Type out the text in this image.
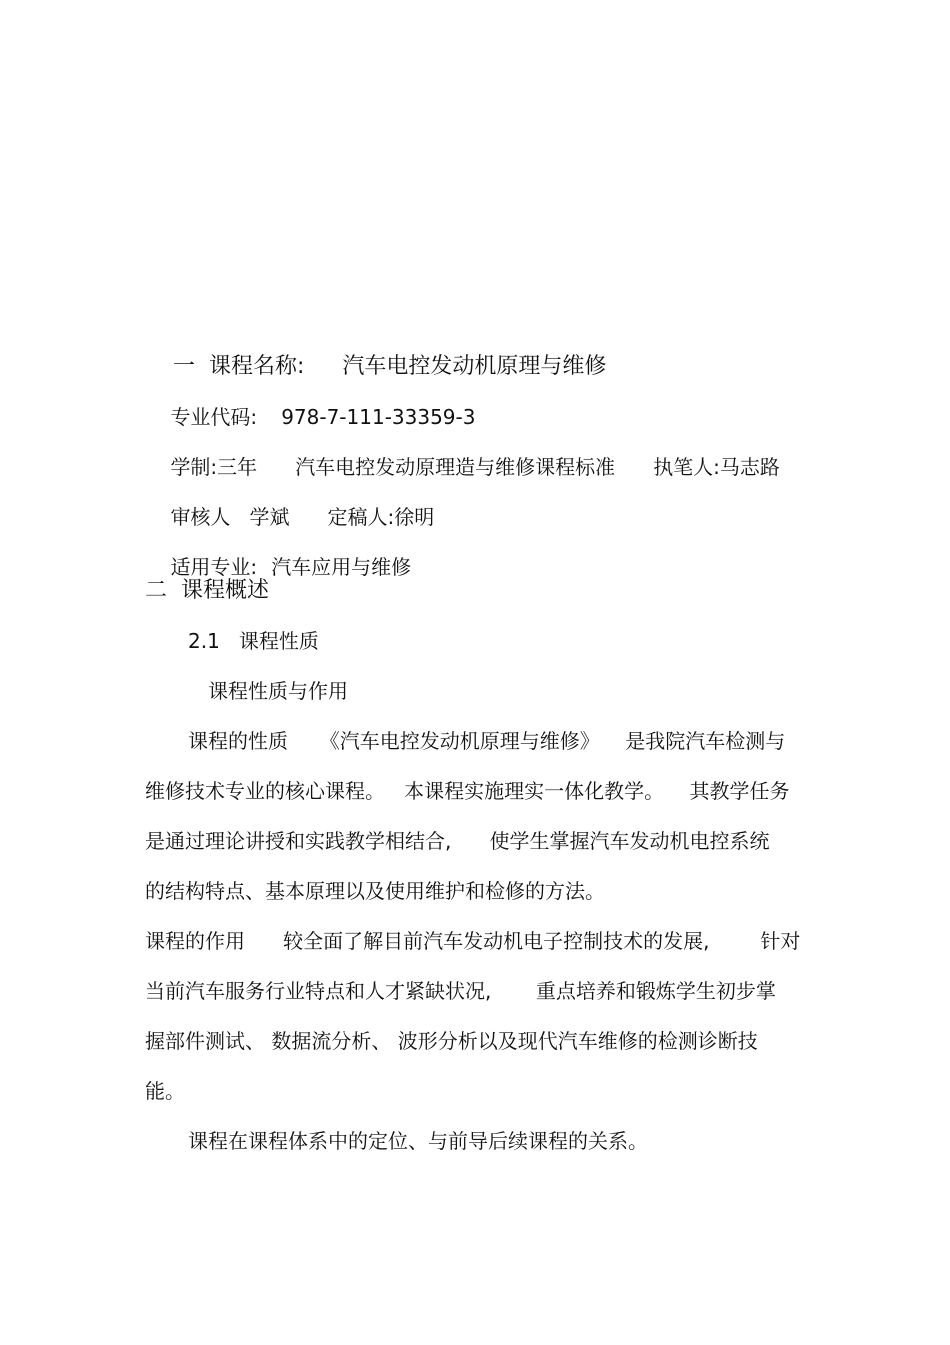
一  课程名称: 汽车电控发动机原理与维修

专业代码: 978-7-111-33359-3

学制:三年 汽车电控发动原理造与维修课程标准 执笔人:马志路

审核人   学斌 定稿人:徐明

适用专业: 汽车应用与维修

二  课程概述
2.1   课程性质
课程性质与作用
课程的性质     《汽车电控发动机原理与维修》    是我院汽车检测与
维修技术专业的核心课程。   本课程实施理实一体化教学。    其教学任务
是通过理论讲授和实践教学相结合,      使学生掌握汽车发动机电控系统
的结构特点、基本原理以及使用维护和检修的方法。
课程的作用      较全面了解目前汽车发动机电子控制技术的发展,        针对
当前汽车服务行业特点和人才紧缺状况,       重点培养和锻炼学生初步掌
握部件测试、 数据流分析、 波形分析以及现代汽车维修的检测诊断技
能。
课程在课程体系中的定位、与前导后续课程的关系。
